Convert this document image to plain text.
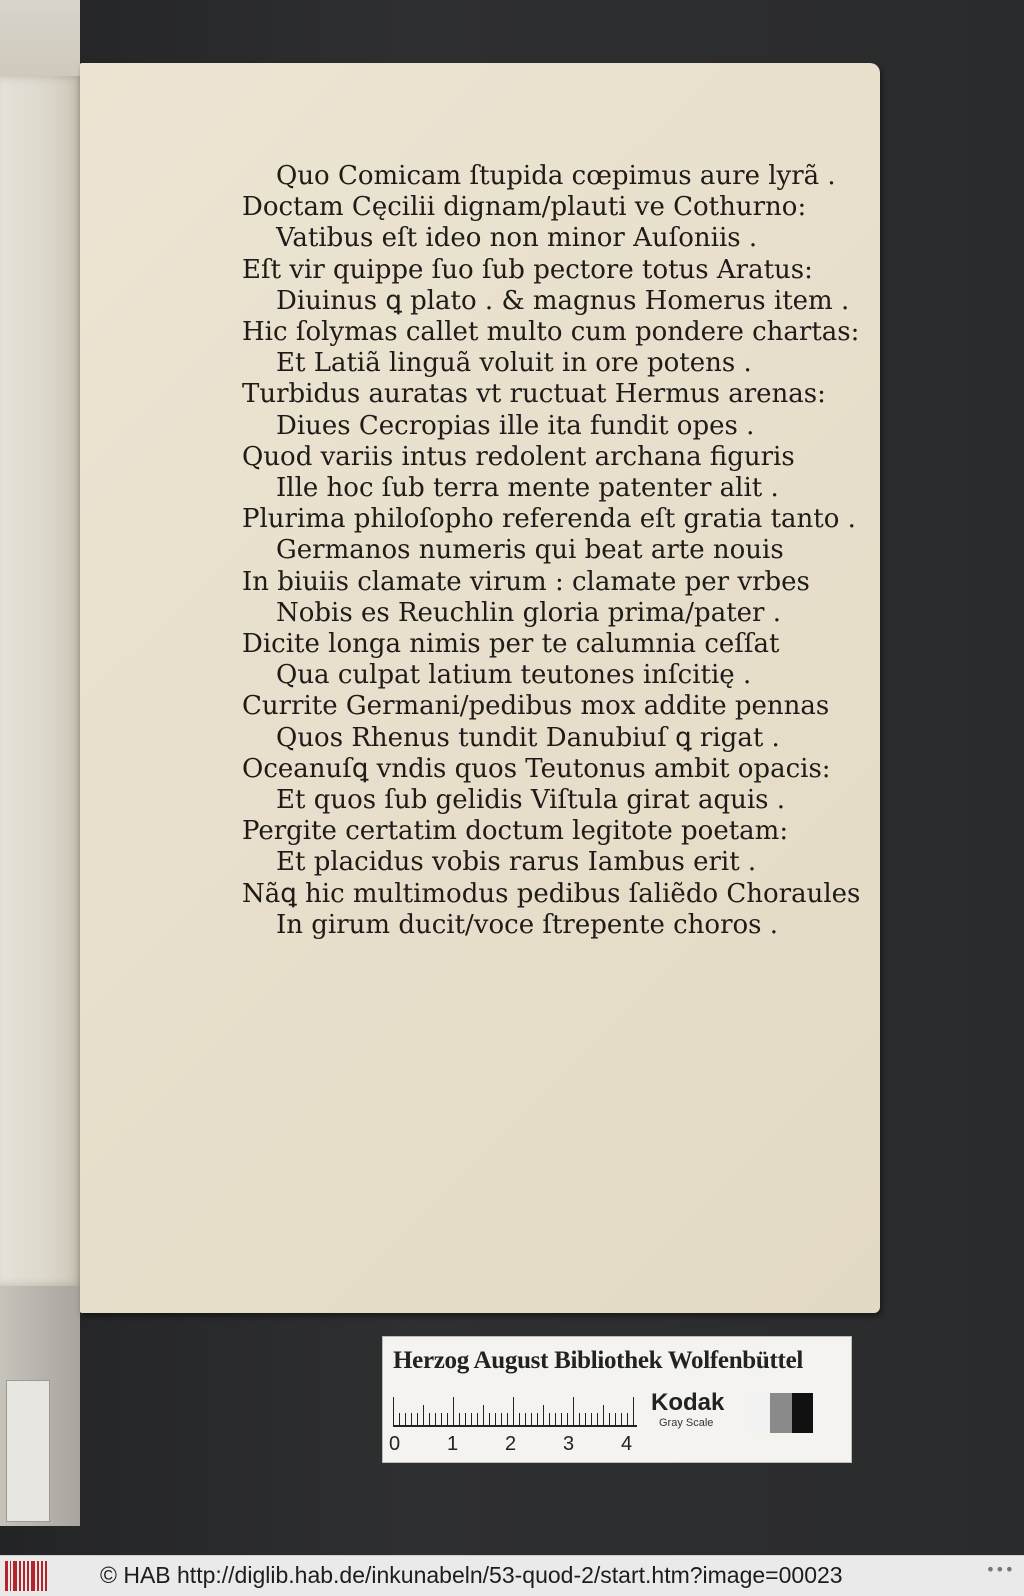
Quo Comicam ſtupida cœpimus aure lyrã .
Doctam Cęcilii dignam/plauti ve Cothurno:
Vatibus eſt ideo non minor Auſoniis .
Eſt vir quippe ſuo ſub pectore totus Aratus:
Diuinus ꝗ plato . & magnus Homerus item .
Hic ſolymas callet multo cum pondere chartas:
Et Latiã linguã voluit in ore potens .
Turbidus auratas vt ructuat Hermus arenas:
Diues Cecropias ille ita fundit opes .
Quod variis intus redolent archana figuris
Ille hoc ſub terra mente patenter alit .
Plurima philoſopho referenda eſt gratia tanto .
Germanos numeris qui beat arte nouis
In biuiis clamate virum : clamate per vrbes
Nobis es Reuchlin gloria prima/pater .
Dicite longa nimis per te calumnia ceſſat
Qua culpat latium teutones inſcitię .
Currite Germani/pedibus mox addite pennas
Quos Rhenus tundit Danubiuſ ꝗ rigat .
Oceanuſꝗ vndis quos Teutonus ambit opacis:
Et quos ſub gelidis Viſtula girat aquis .
Pergite certatim doctum legitote poetam:
Et placidus vobis rarus Iambus erit .
Nãꝗ hic multimodus pedibus ſaliẽdo Choraules
In girum ducit/voce ſtrepente choros .
Herzog August Bibliothek Wolfenbüttel
0 1 2 3 4
Kodak
Gray Scale
© HAB http://diglib.hab.de/inkunabeln/53-quod-2/start.htm?image=00023	•••
